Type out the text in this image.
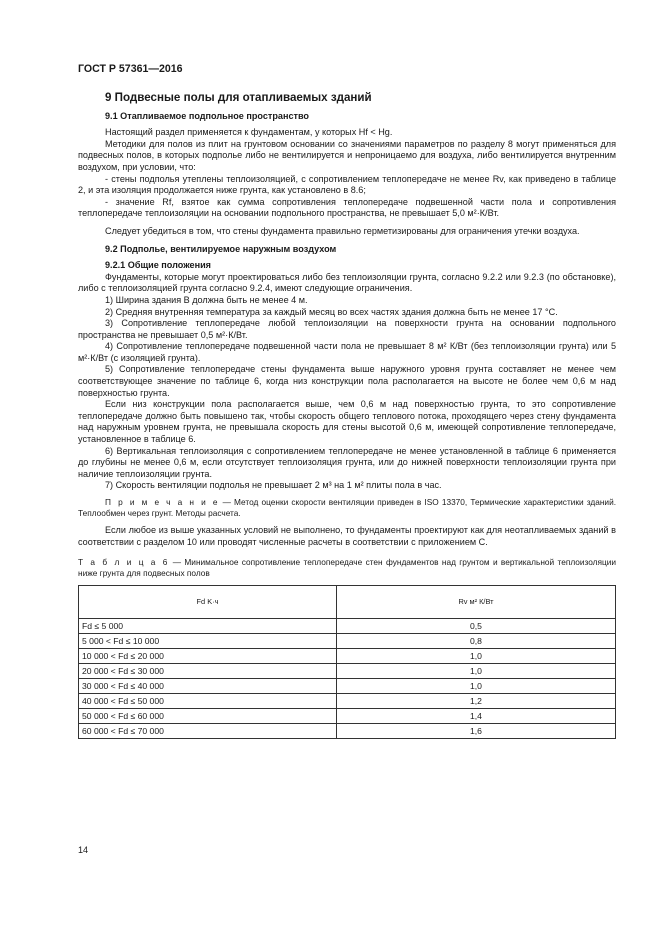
ГОСТ Р 57361—2016
9 Подвесные полы для отапливаемых зданий
9.1 Отапливаемое подпольное пространство

Настоящий раздел применяется к фундаментам, у которых Hf < Hg.

Методики для полов из плит на грунтовом основании со значениями параметров по разделу 8 могут применяться для подвесных полов, в которых подполье либо не вентилируется и непроницаемо для воздуха, либо вентилируется внутренним воздухом, при условии, что:

- стены подполья утеплены теплоизоляцией, с сопротивлением теплопередаче не менее Rv, как приведено в таблице 2, и эта изоляция продолжается ниже грунта, как установлено в 8.6;

- значение Rf, взятое как сумма сопротивления теплопередаче подвешенной части пола и сопротивления теплопередаче теплоизоляции на основании подпольного пространства, не превышает 5,0 м²·К/Вт.

Следует убедиться в том, что стены фундамента правильно герметизированы для ограничения утечки воздуха.

9.2 Подполье, вентилируемое наружным воздухом
9.2.1 Общие положения

Фундаменты, которые могут проектироваться либо без теплоизоляции грунта, согласно 9.2.2 или 9.2.3 (по обстановке), либо с теплоизоляцией грунта согласно 9.2.4, имеют следующие ограничения.

1) Ширина здания B должна быть не менее 4 м.

2) Средняя внутренняя температура за каждый месяц во всех частях здания должна быть не менее 17 °C.

3) Сопротивление теплопередаче любой теплоизоляции на поверхности грунта на основании подпольного пространства не превышает 0,5 м²·К/Вт.

4) Сопротивление теплопередаче подвешенной части пола не превышает 8 м² К/Вт (без теплоизоляции грунта) или 5 м²·К/Вт (с изоляцией грунта).

5) Сопротивление теплопередаче стены фундамента выше наружного уровня грунта составляет не менее чем соответствующее значение по таблице 6, когда низ конструкции пола располагается на высоте не более чем 0,6 м над поверхностью грунта.

Если низ конструкции пола располагается выше, чем 0,6 м над поверхностью грунта, то это сопротивление теплопередаче должно быть повышено так, чтобы скорость общего теплового потока, проходящего через стену фундамента над наружным уровнем грунта, не превышала скорость для стены высотой 0,6 м, имеющей сопротивление теплопередаче, установленное в таблице 6.

6) Вертикальная теплоизоляция с сопротивлением теплопередаче не менее установленной в таблице 6 применяется до глубины не менее 0,6 м, если отсутствует теплоизоляция грунта, или до нижней поверхности теплоизоляции грунта при наличие теплоизоляции грунта.

7) Скорость вентиляции подполья не превышает 2 м³ на 1 м² плиты пола в час.

П р и м е ч а н и е — Метод оценки скорости вентиляции приведен в ISO 13370, Термические характеристики зданий. Теплообмен через грунт. Методы расчета.

Если любое из выше указанных условий не выполнено, то фундаменты проектируют как для неотапливаемых зданий в соответствии с разделом 10 или проводят численные расчеты в соответствии с приложением C.

Т а б л и ц а 6 — Минимальное сопротивление теплопередаче стен фундаментов над грунтом и вертикальной теплоизоляции ниже грунта для подвесных полов

Fd K·ч	Rv м² К/Вт
Fd ≤ 5 000	0,5
5 000 < Fd ≤ 10 000	0,8
10 000 < Fd ≤ 20 000	1,0
20 000 < Fd ≤ 30 000	1,0
30 000 < Fd ≤ 40 000	1,0
40 000 < Fd ≤ 50 000	1,2
50 000 < Fd ≤ 60 000	1,4
60 000 < Fd ≤ 70 000	1,6
14
